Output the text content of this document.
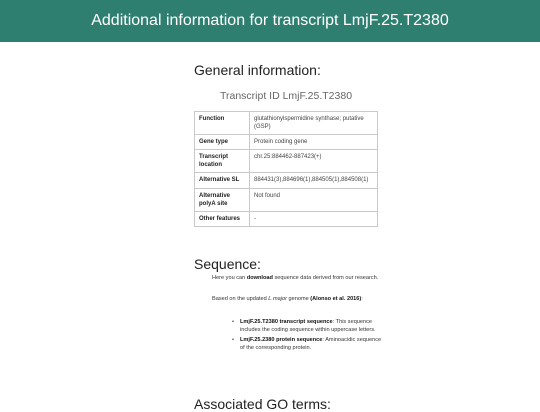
Additional information for transcript LmjF.25.T2380
General information:

Transcript ID LmjF.25.T2380

Function	glutathionylspermidine synthase; putative (GSP)
Gene type	Protein coding gene
Transcript location	chr.25:884462-887423(+)
Alternative SL	884431(3),884696(1),884505(1),884508(1)
Alternative polyA site	Not found
Other features	-
Sequence:

Here you can download sequence data derived from our research.

Based on the updated L.major genome (Alonso et al. 2016):

• LmjF.25.T2380 transcript sequence: This sequence includes the coding sequence within uppercase letters.
• LmjF.25.2380 protein sequence: Aminoacidic sequence of the corresponding protein.
Associated GO terms:
